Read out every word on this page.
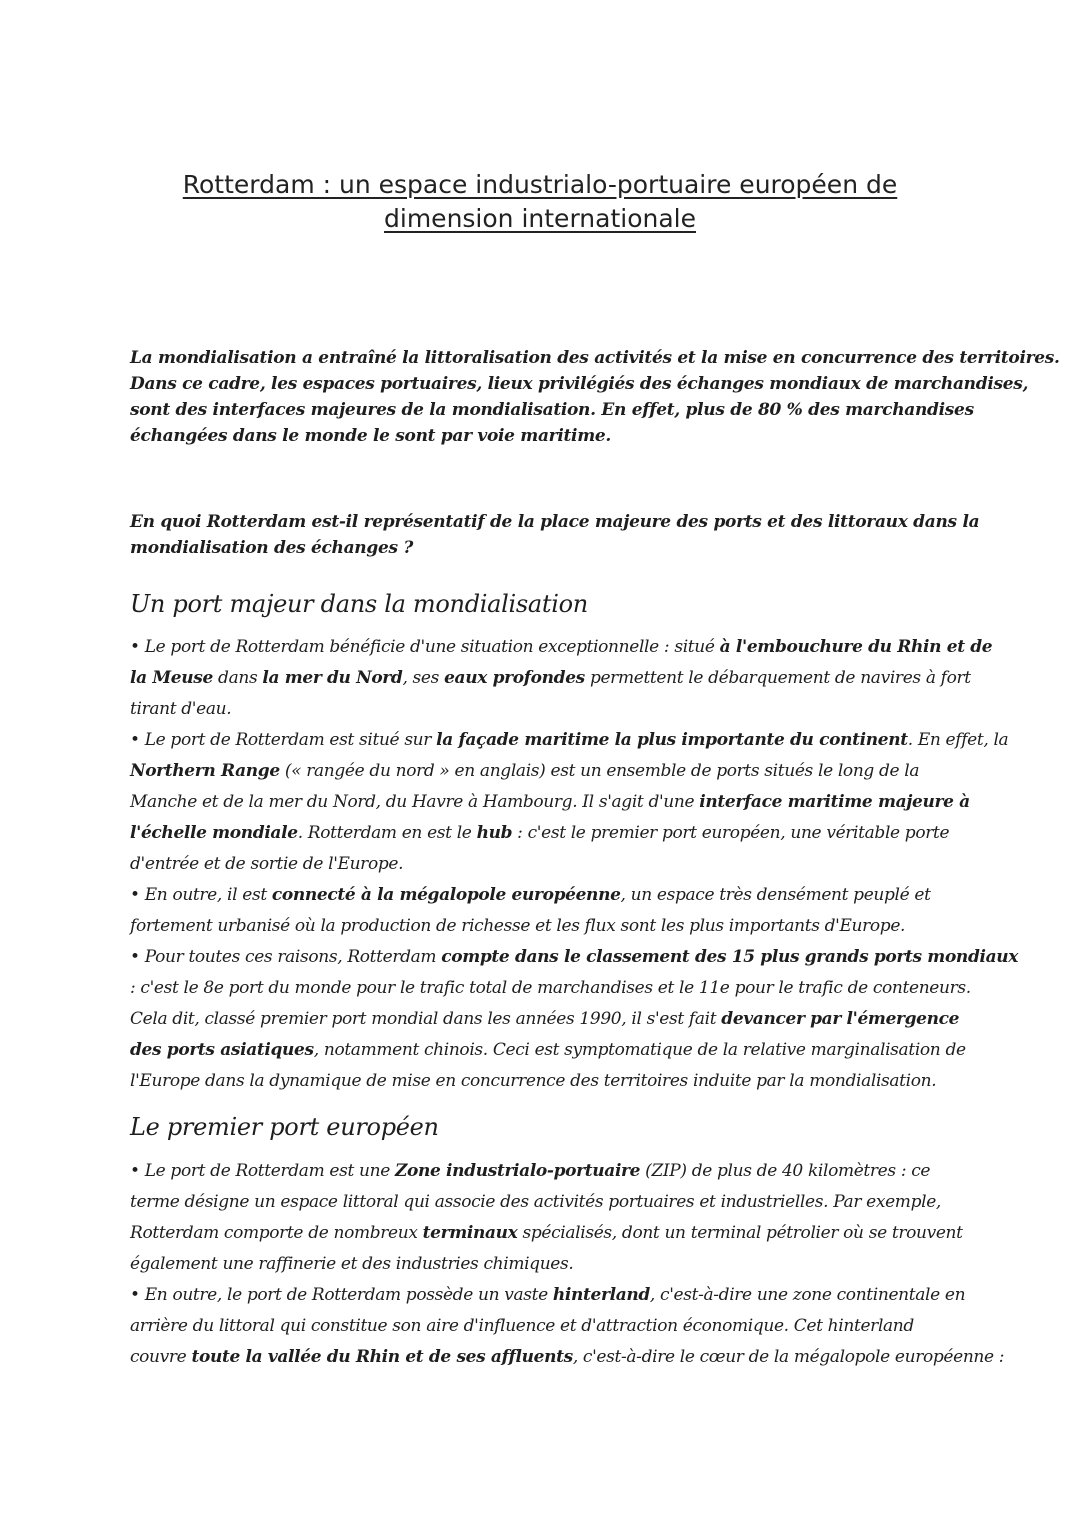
Rotterdam : un espace industrialo-portuaire européen de
dimension internationale
La mondialisation a entraîné la littoralisation des activités et la mise en concurrence des territoires.
Dans ce cadre, les espaces portuaires, lieux privilégiés des échanges mondiaux de marchandises,
sont des interfaces majeures de la mondialisation. En effet, plus de 80 % des marchandises
échangées dans le monde le sont par voie maritime.
En quoi Rotterdam est-il représentatif de la place majeure des ports et des littoraux dans la
mondialisation des échanges ?
Un port majeur dans la mondialisation
• Le port de Rotterdam bénéficie d'une situation exceptionnelle : situé à l'embouchure du Rhin et de
la Meuse dans la mer du Nord, ses eaux profondes permettent le débarquement de navires à fort
tirant d'eau.
• Le port de Rotterdam est situé sur la façade maritime la plus importante du continent. En effet, la
Northern Range (« rangée du nord » en anglais) est un ensemble de ports situés le long de la
Manche et de la mer du Nord, du Havre à Hambourg. Il s'agit d'une interface maritime majeure à
l'échelle mondiale. Rotterdam en est le hub : c'est le premier port européen, une véritable porte
d'entrée et de sortie de l'Europe.
• En outre, il est connecté à la mégalopole européenne, un espace très densément peuplé et
fortement urbanisé où la production de richesse et les flux sont les plus importants d'Europe.
• Pour toutes ces raisons, Rotterdam compte dans le classement des 15 plus grands ports mondiaux
: c'est le 8e port du monde pour le trafic total de marchandises et le 11e pour le trafic de conteneurs.
Cela dit, classé premier port mondial dans les années 1990, il s'est fait devancer par l'émergence
des ports asiatiques, notamment chinois. Ceci est symptomatique de la relative marginalisation de
l'Europe dans la dynamique de mise en concurrence des territoires induite par la mondialisation.
Le premier port européen
• Le port de Rotterdam est une Zone industrialo-portuaire (ZIP) de plus de 40 kilomètres : ce
terme désigne un espace littoral qui associe des activités portuaires et industrielles. Par exemple,
Rotterdam comporte de nombreux terminaux spécialisés, dont un terminal pétrolier où se trouvent
également une raffinerie et des industries chimiques.
• En outre, le port de Rotterdam possède un vaste hinterland, c'est-à-dire une zone continentale en
arrière du littoral qui constitue son aire d'influence et d'attraction économique. Cet hinterland
couvre toute la vallée du Rhin et de ses affluents, c'est-à-dire le cœur de la mégalopole européenne :
